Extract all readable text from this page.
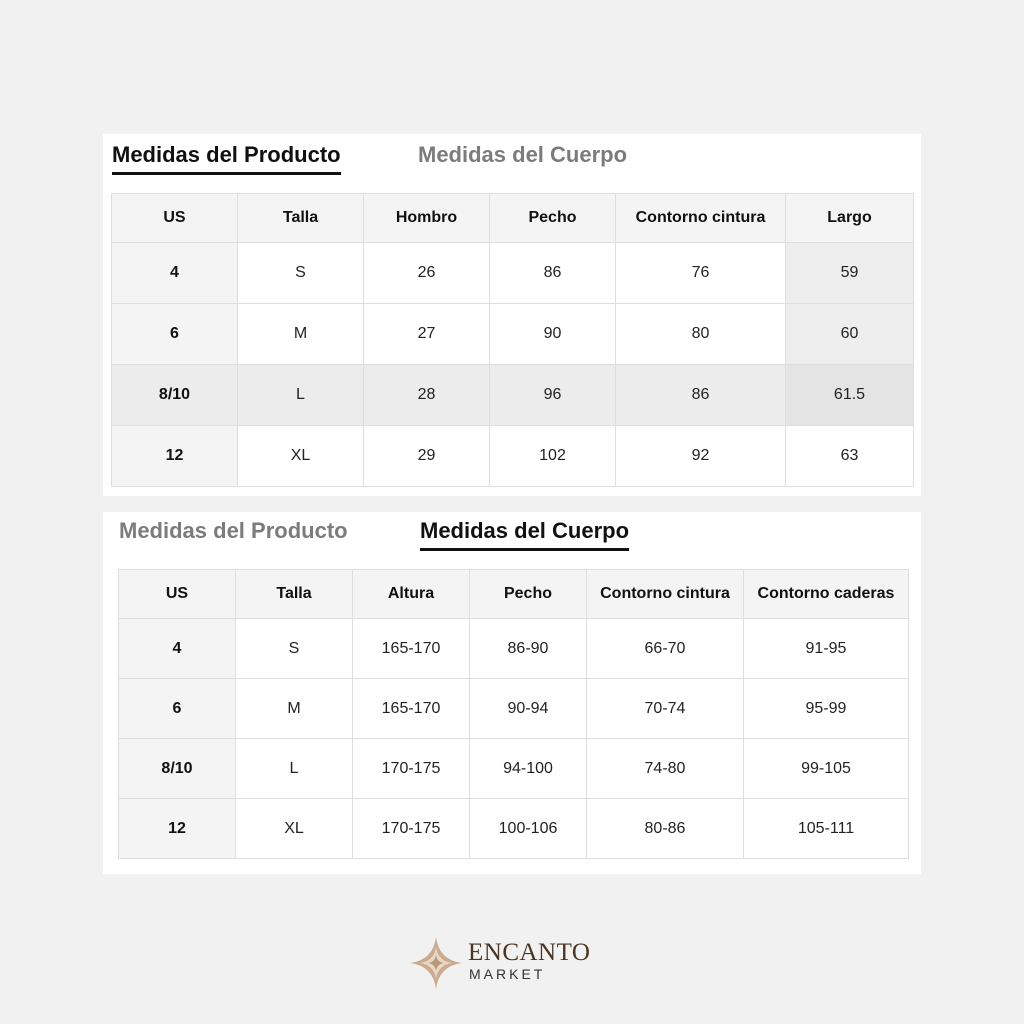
Medidas del Producto	Medidas del Cuerpo
US	Talla	Hombro	Pecho	Contorno cintura	Largo
4	S	26	86	76	59
6	M	27	90	80	60
8/10	L	28	96	86	61.5
12	XL	29	102	92	63
Medidas del Producto	Medidas del Cuerpo
US	Talla	Altura	Pecho	Contorno cintura	Contorno caderas
4	S	165-170	86-90	66-70	91-95
6	M	165-170	90-94	70-74	95-99
8/10	L	170-175	94-100	74-80	99-105
12	XL	170-175	100-106	80-86	105-111
ENCANTO
MARKET
